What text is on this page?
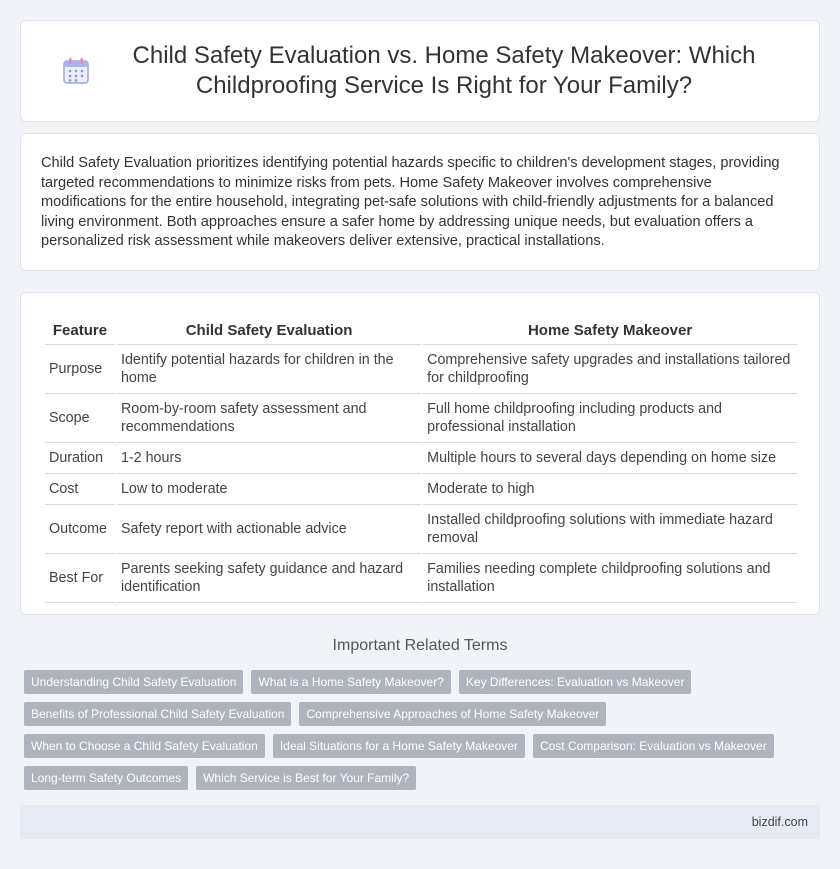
Child Safety Evaluation vs. Home Safety Makeover: Which Childproofing Service Is Right for Your Family?

Child Safety Evaluation prioritizes identifying potential hazards specific to children's development stages, providing targeted recommendations to minimize risks from pets. Home Safety Makeover involves comprehensive modifications for the entire household, integrating pet-safe solutions with child-friendly adjustments for a balanced living environment. Both approaches ensure a safer home by addressing unique needs, but evaluation offers a personalized risk assessment while makeovers deliver extensive, practical installations.

Feature	Child Safety Evaluation	Home Safety Makeover
Purpose	Identify potential hazards for children in the home	Comprehensive safety upgrades and installations tailored for childproofing
Scope	Room-by-room safety assessment and recommendations	Full home childproofing including products and professional installation
Duration	1-2 hours	Multiple hours to several days depending on home size
Cost	Low to moderate	Moderate to high
Outcome	Safety report with actionable advice	Installed childproofing solutions with immediate hazard removal
Best For	Parents seeking safety guidance and hazard identification	Families needing complete childproofing solutions and installation
Important Related Terms
Understanding Child Safety Evaluation	What is a Home Safety Makeover?	Key Differences: Evaluation vs Makeover
Benefits of Professional Child Safety Evaluation	Comprehensive Approaches of Home Safety Makeover
When to Choose a Child Safety Evaluation	Ideal Situations for a Home Safety Makeover	Cost Comparison: Evaluation vs Makeover
Long-term Safety Outcomes	Which Service is Best for Your Family?
bizdif.com
